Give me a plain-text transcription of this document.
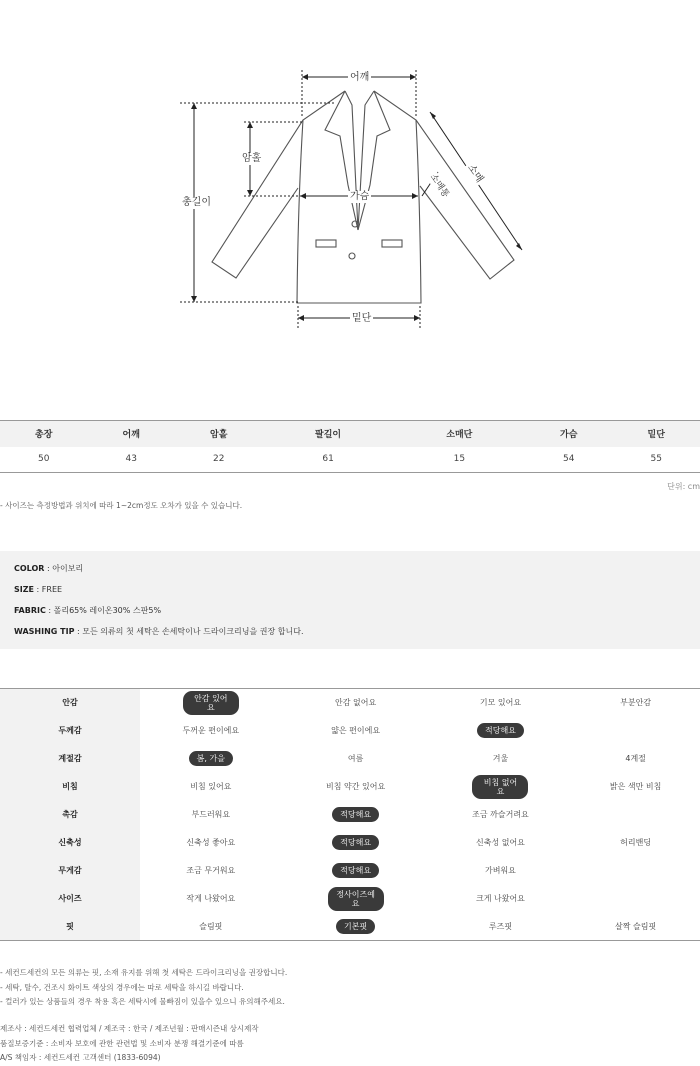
어깨
암홀
총길이
가슴
소매
소매통
밑단
총장	어깨	암홀	팔길이	소매단	가슴	밑단
50	43	22	61	15	54	55
단위: cm
- 사이즈는 측정방법과 위치에 따라 1~2cm정도 오차가 있을 수 있습니다.
COLOR : 아이보리
SIZE : FREE
FABRIC : 폴리65% 레이온30% 스판5%
WASHING TIP : 모든 의류의 첫 세탁은 손세탁이나 드라이크리닝을 권장 합니다.
안감	안감 있어요	안감 없어요	기모 있어요	부분안감
두께감	두꺼운 편이에요	얇은 편이에요	적당해요	
계절감	봄, 가을	여름	겨울	4계절
비침	비침 있어요	비침 약간 있어요	비침 없어요	밝은 색만 비침
촉감	부드러워요	적당해요	조금 까슬거려요	
신축성	신축성 좋아요	적당해요	신축성 없어요	허리밴딩
무게감	조금 무거워요	적당해요	가벼워요	
사이즈	작게 나왔어요	정사이즈예요	크게 나왔어요	
핏	슬림핏	기본핏	루즈핏	살짝 슬림핏
- 세컨드세컨의 모든 의류는 핏, 소재 유지를 위해 첫 세탁은 드라이크리닝을 권장합니다.
- 세탁, 탈수, 건조시 화이트 색상의 경우에는 따로 세탁을 하시길 바랍니다.
- 컬러가 있는 상품들의 경우 착용 혹은 세탁시에 물빠짐이 있을수 있으니 유의해주세요.
제조사 : 세컨드세컨 협력업체 / 제조국 : 한국 / 제조년월 : 판매시즌내 상시제작
품질보증기준 : 소비자 보호에 관한 관련법 및 소비자 분쟁 해결기준에 따름
A/S 책임자 : 세컨드세컨 고객센터 (1833-6094)
